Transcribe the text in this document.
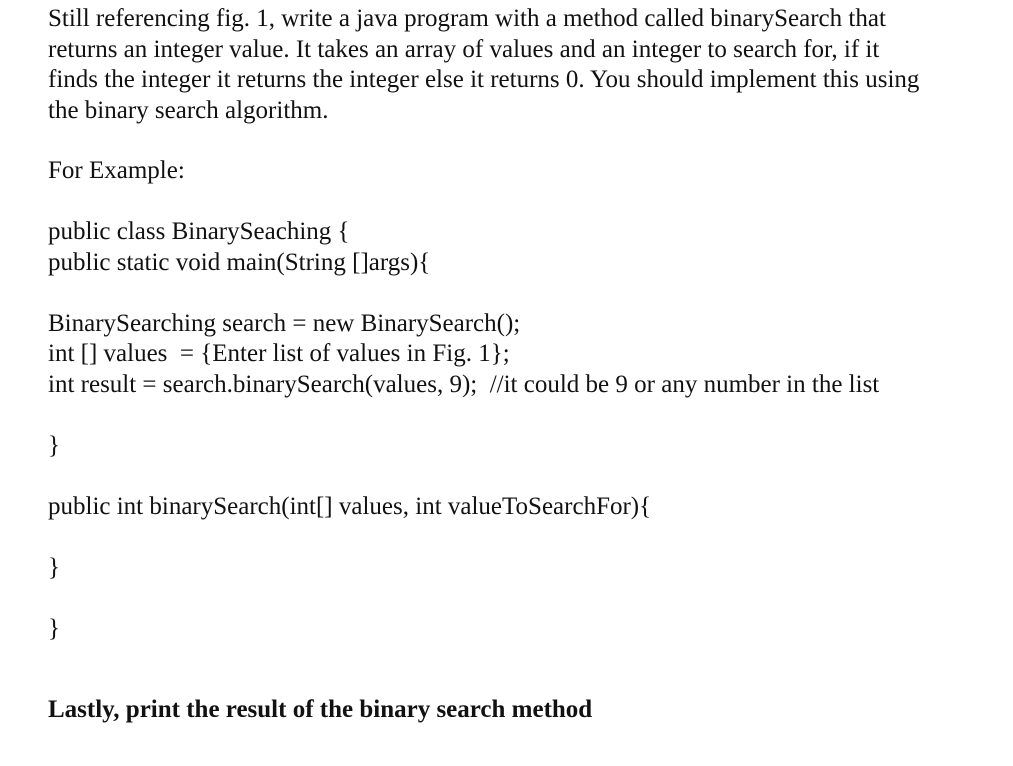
Still referencing fig. 1, write a java program with a method called binarySearch that
returns an integer value. It takes an array of values and an integer to search for, if it
finds the integer it returns the integer else it returns 0. You should implement this using
the binary search algorithm.
For Example:
public class BinarySeaching {
public static void main(String []args){
BinarySearching search = new BinarySearch();
int [] values  = {Enter list of values in Fig. 1};
int result = search.binarySearch(values, 9);  //it could be 9 or any number in the list
}
public int binarySearch(int[] values, int valueToSearchFor){
}
}
Lastly, print the result of the binary search method
